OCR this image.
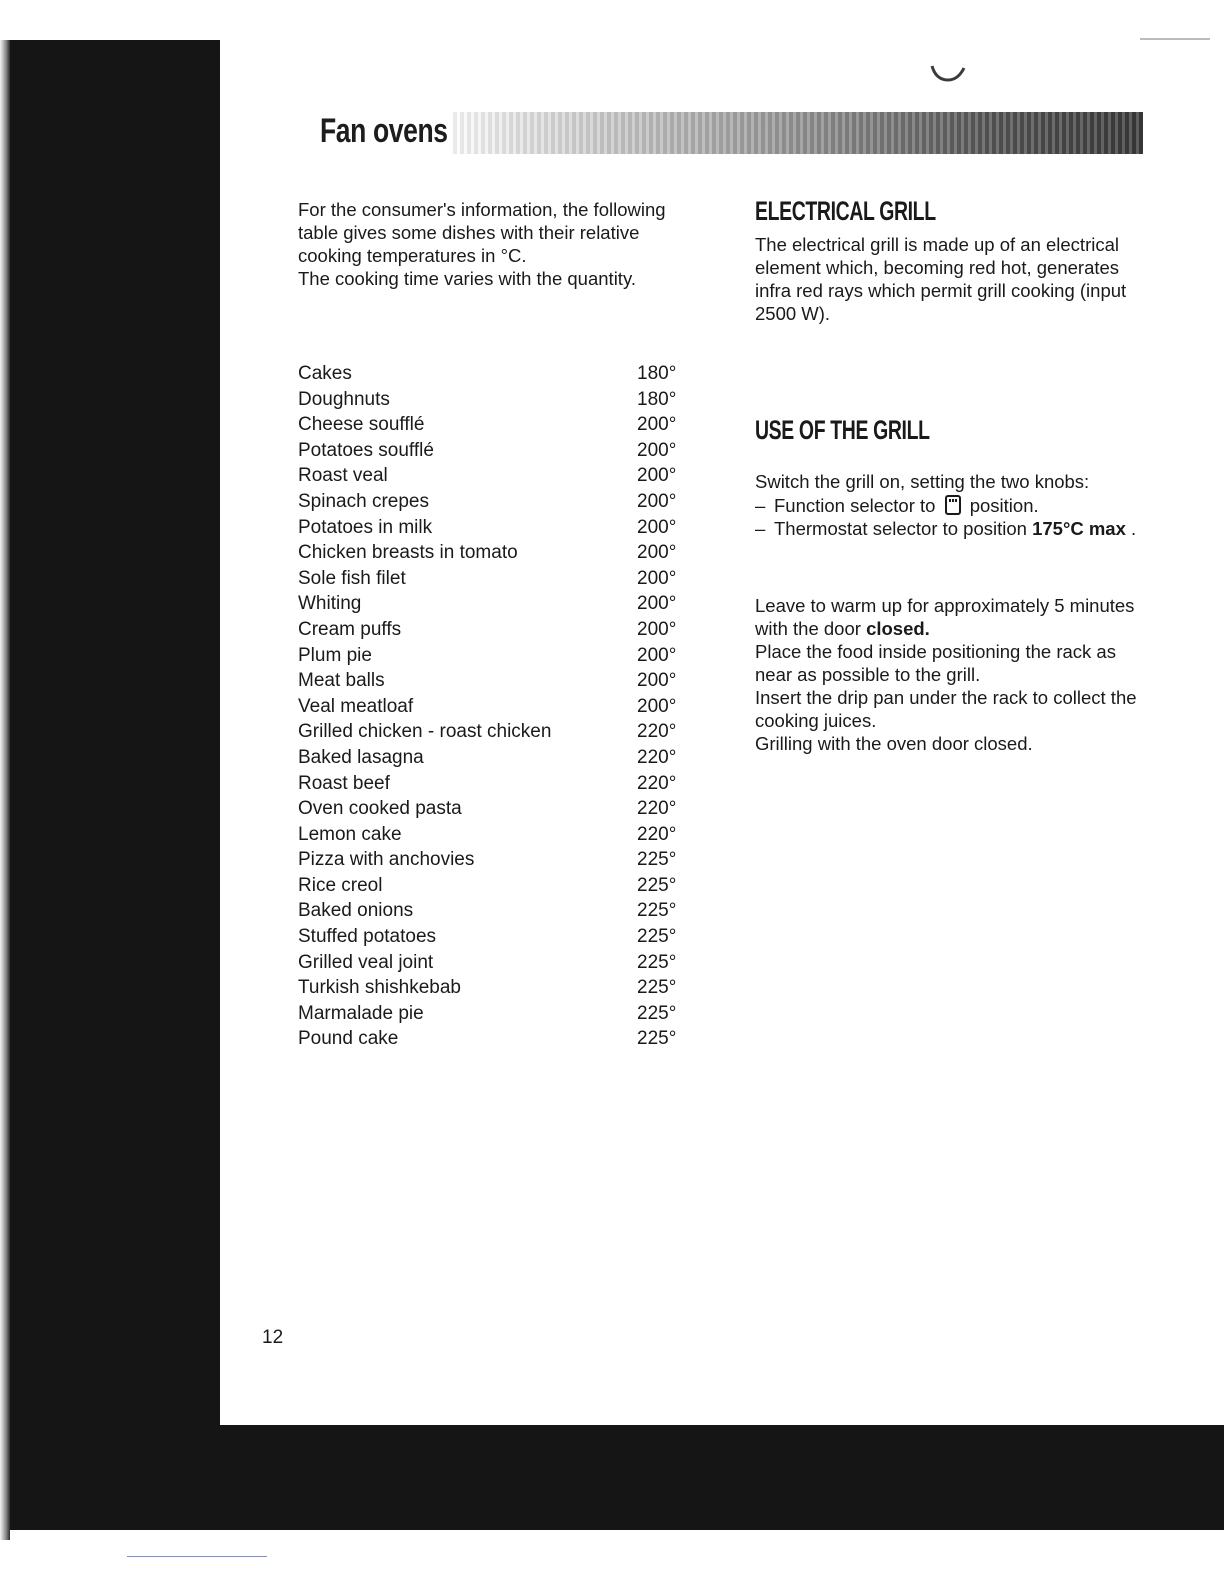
Fan ovens
For the consumer's information, the following table gives some dishes with their relative cooking temperatures in °C.
The cooking time varies with the quantity.
Cakes	180°
Doughnuts	180°
Cheese soufflé	200°
Potatoes soufflé	200°
Roast veal	200°
Spinach crepes	200°
Potatoes in milk	200°
Chicken breasts in tomato	200°
Sole fish filet	200°
Whiting	200°
Cream puffs	200°
Plum pie	200°
Meat balls	200°
Veal meatloaf	200°
Grilled chicken - roast chicken	220°
Baked lasagna	220°
Roast beef	220°
Oven cooked pasta	220°
Lemon cake	220°
Pizza with anchovies	225°
Rice creol	225°
Baked onions	225°
Stuffed potatoes	225°
Grilled veal joint	225°
Turkish shishkebab	225°
Marmalade pie	225°
Pound cake	225°
ELECTRICAL GRILL

The electrical grill is made up of an electrical element which, becoming red hot, generates infra red rays which permit grill cooking (input 2500 W).

USE OF THE GRILL

Switch the grill on, setting the two knobs:

– Function selector to position.
– Thermostat selector to position 175°C max .

Leave to warm up for approximately 5 minutes with the door closed.

Place the food inside positioning the rack as near as possible to the grill.

Insert the drip pan under the rack to collect the cooking juices.

Grilling with the oven door closed.

12
